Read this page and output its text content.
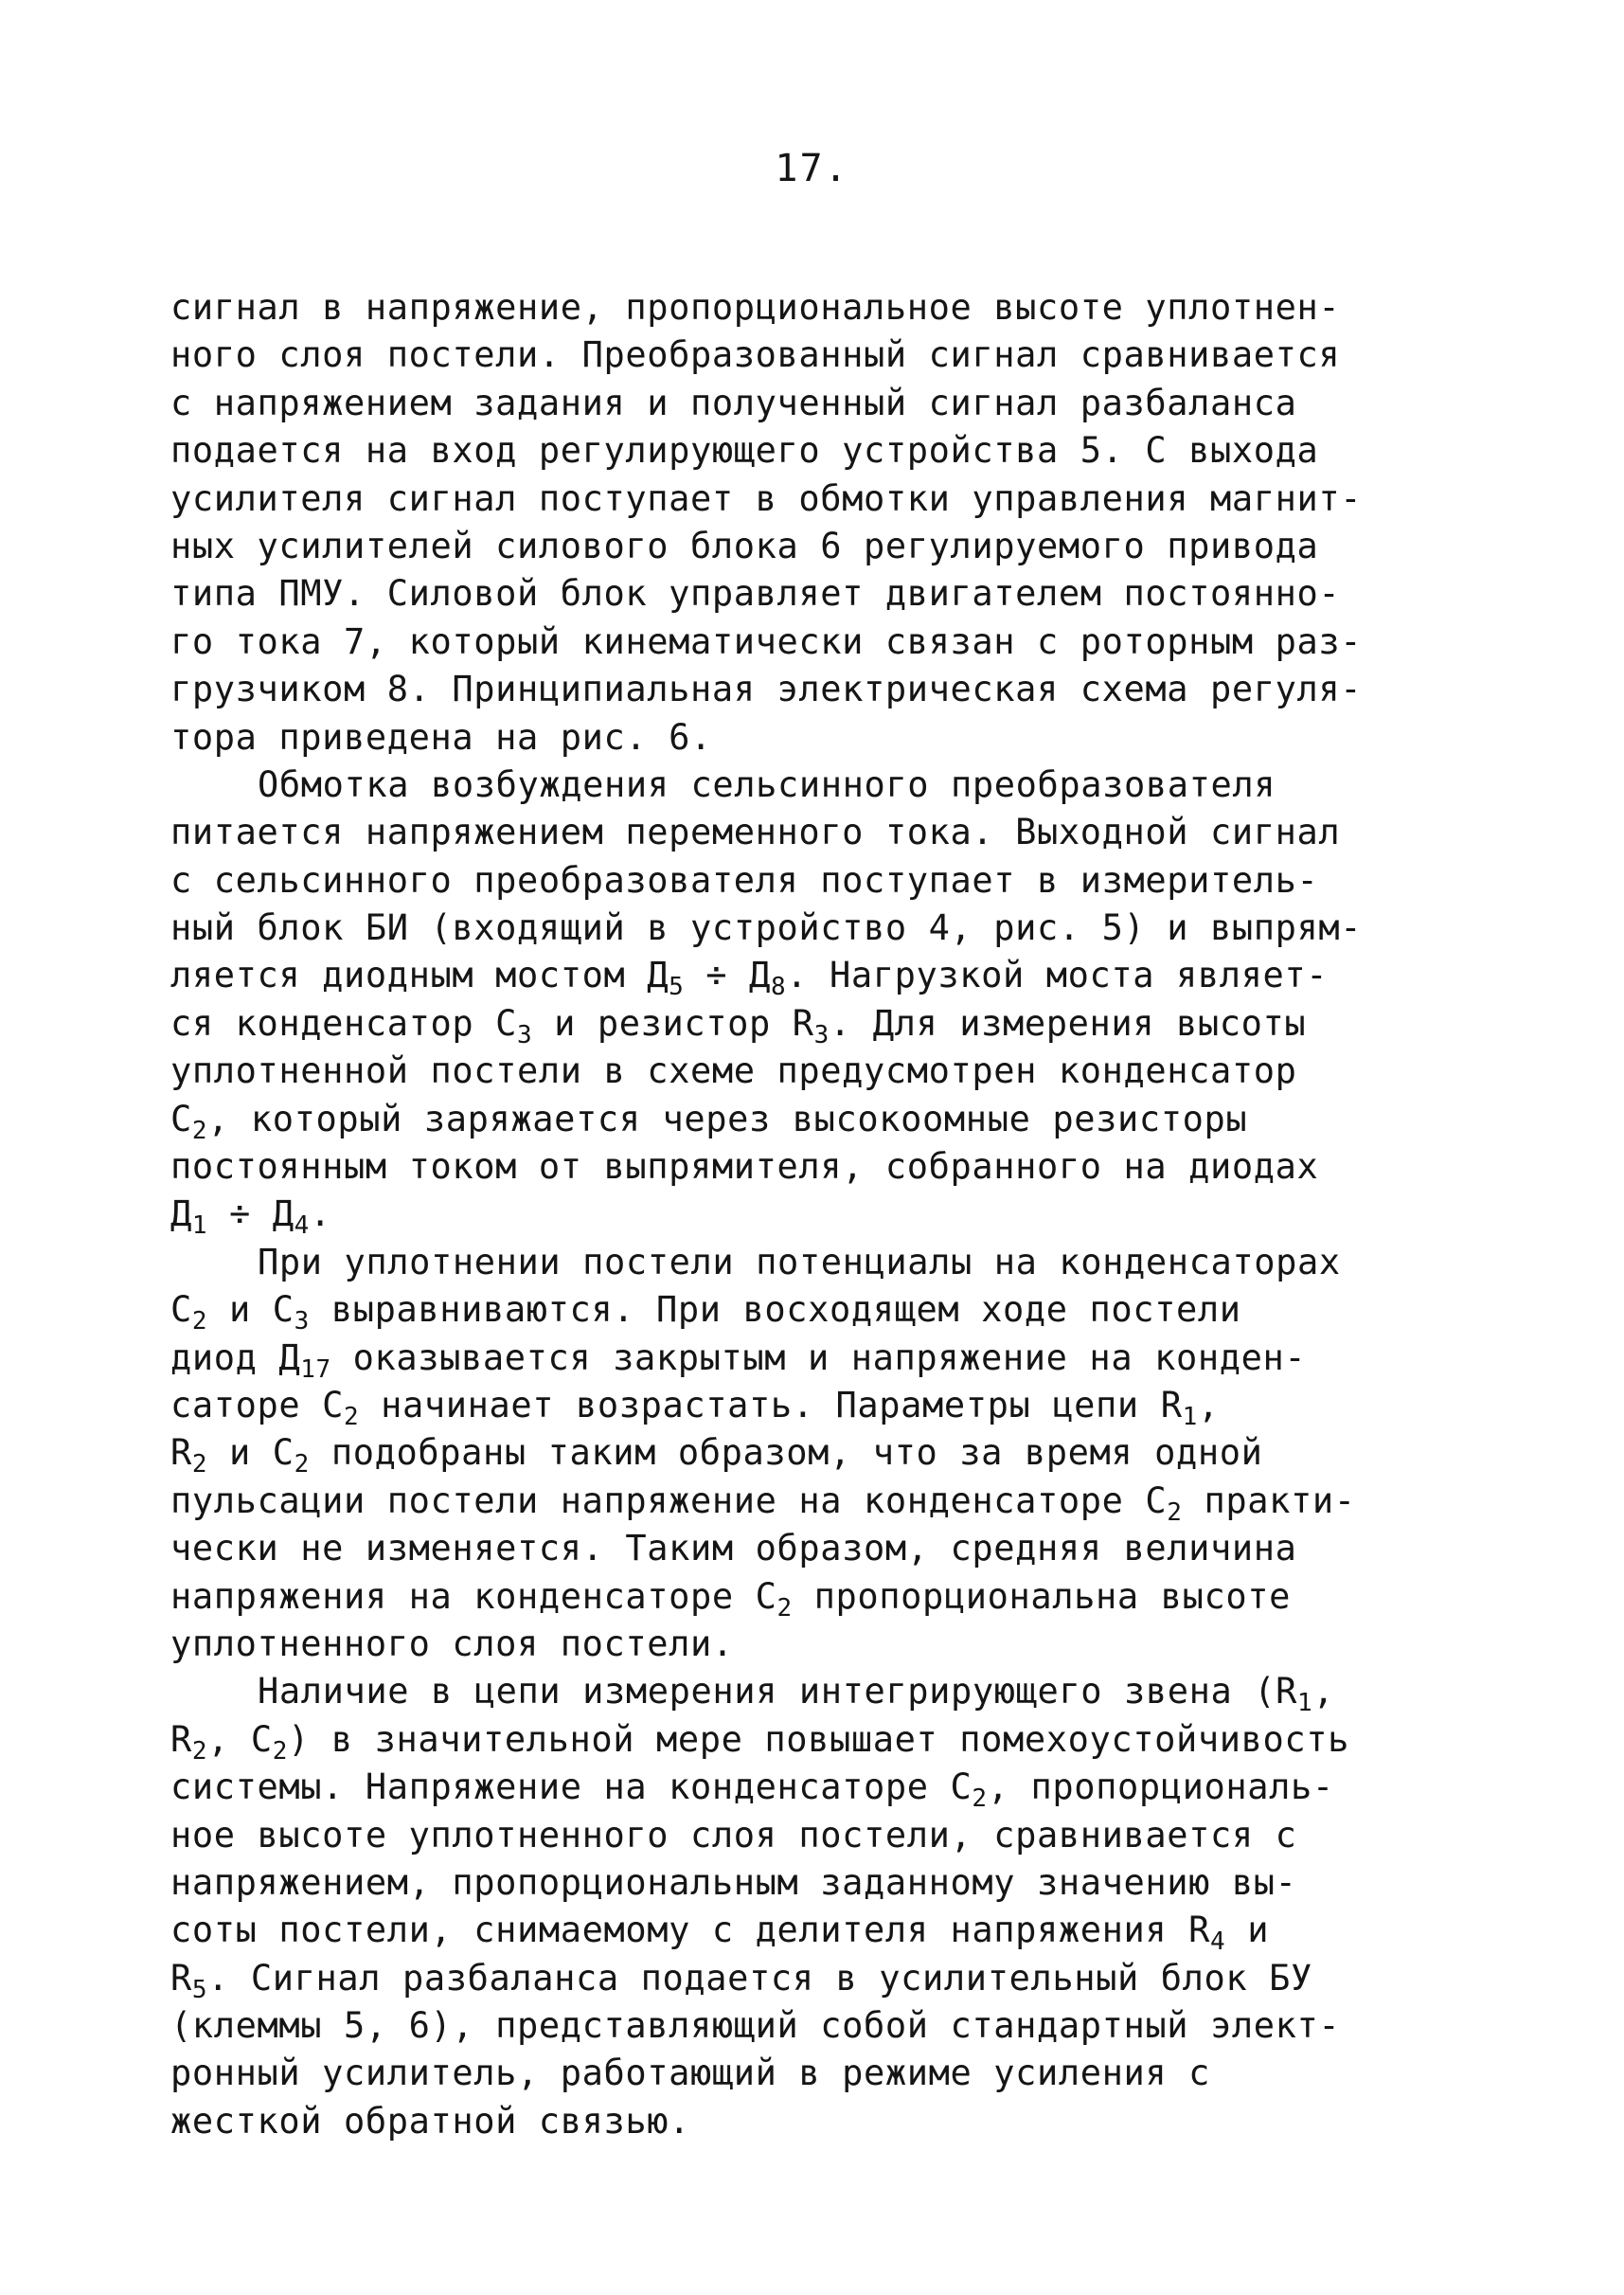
17.
сигнал в напряжение, пропорциональное высоте уплотнен-
ного слоя постели. Преобразованный сигнал сравнивается
с напряжением задания и полученный сигнал разбаланса
подается на вход регулирующего устройства 5. С выхода
усилителя сигнал поступает в обмотки управления магнит-
ных усилителей силового блока 6 регулируемого привода
типа ПМУ. Силовой блок управляет двигателем постоянно-
го тока 7, который кинематически связан с роторным раз-
грузчиком 8. Принципиальная электрическая схема регуля-
тора приведена на рис. 6.
Обмотка возбуждения сельсинного преобразователя
питается напряжением переменного тока. Выходной сигнал
с сельсинного преобразователя поступает в измеритель-
ный блок БИ (входящий в устройство 4, рис. 5) и выпрям-
ляется диодным мостом $Д_5 \div Д_8$. Нагрузкой моста являет-
ся конденсатор $С_3$ и резистор $R_3$. Для измерения высоты
уплотненной постели в схеме предусмотрен конденсатор
$С_2$, который заряжается через высокоомные резисторы
постоянным током от выпрямителя, собранного на диодах
$Д_1 \div Д_4$.
При уплотнении постели потенциалы на конденсаторах
$С_2$ и $С_3$ выравниваются. При восходящем ходе постели
диод $Д_{17}$ оказывается закрытым и напряжение на конден-
саторе $С_2$ начинает возрастать. Параметры цепи $R_1$,
$R_2$ и $С_2$ подобраны таким образом, что за время одной
пульсации постели напряжение на конденсаторе $С_2$ практи-
чески не изменяется. Таким образом, средняя величина
напряжения на конденсаторе $С_2$ пропорциональна высоте
уплотненного слоя постели.
Наличие в цепи измерения интегрирующего звена ($R_1$,
$R_2$, $С_2$) в значительной мере повышает помехоустойчивость
системы. Напряжение на конденсаторе $С_2$, пропорциональ-
ное высоте уплотненного слоя постели, сравнивается с
напряжением, пропорциональным заданному значению вы-
соты постели, снимаемому с делителя напряжения $R_4$ и
$R_5$. Сигнал разбаланса подается в усилительный блок БУ
(клеммы 5, 6), представляющий собой стандартный элект-
ронный усилитель, работающий в режиме усиления с
жесткой обратной связью.
